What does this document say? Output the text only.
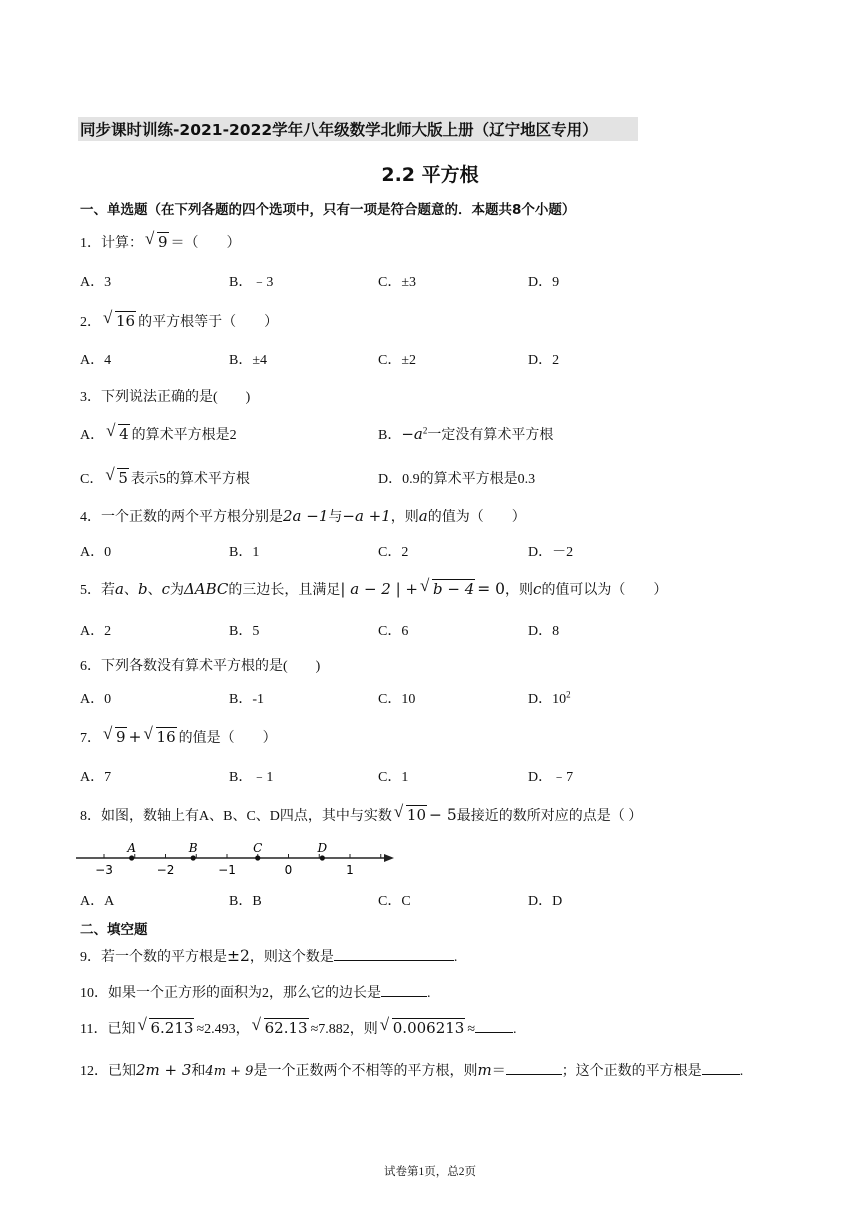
同步课时训练-2021-2022学年八年级数学北师大版上册（辽宁地区专用）
2.2 平方根
一、单选题（在下列各题的四个选项中，只有一项是符合题意的．本题共8个小题）
1．计算： √ 9 ＝（　　）
A．3	B．﹣3	C．±3	D．9
2． √ 16 的平方根等于（　　）
A．4	B．±4	C．±2	D．2
3．下列说法正确的是(　　)
A． √ 4 的算术平方根是2	B．$-a^2$一定没有算术平方根
C． √ 5 表示5的算术平方根	D．0.9的算术平方根是0.3
4．一个正数的两个平方根分别是2a −1与−a +1，则a的值为（　　）
A．0	B．1	C．2	D．－2
5．若a、b、c为ΔABC的三边长，且满足| a − 2 | + √ b − 4 = 0，则c的值可以为（　　）
A．2	B．5	C．6	D．8
6．下列各数没有算术平方根的是(　　)
A．0	B．-1	C．10	D．$10^2$
7． √ 9 + √ 16 的值是（　　）
A．7	B．﹣1	C．1	D．﹣7
8．如图，数轴上有A、B、C、D四点，其中与实数 √ 10 − 5最接近的数所对应的点是（ ）
−3	−2	−1	0	1
A	B	C	D
A．A	B．B	C．C	D．D
二、填空题
9．若一个数的平方根是±2，则这个数是	.
10．如果一个正方形的面积为2，那么它的边长是	.
11．已知 √ 6.213 ≈2.493， √ 62.13 ≈7.882，则 √ 0.006213 ≈	.
12．已知2m + 3和4m + 9是一个正数两个不相等的平方根，则m＝	；这个正数的平方根是	.
试卷第1页，总2页
